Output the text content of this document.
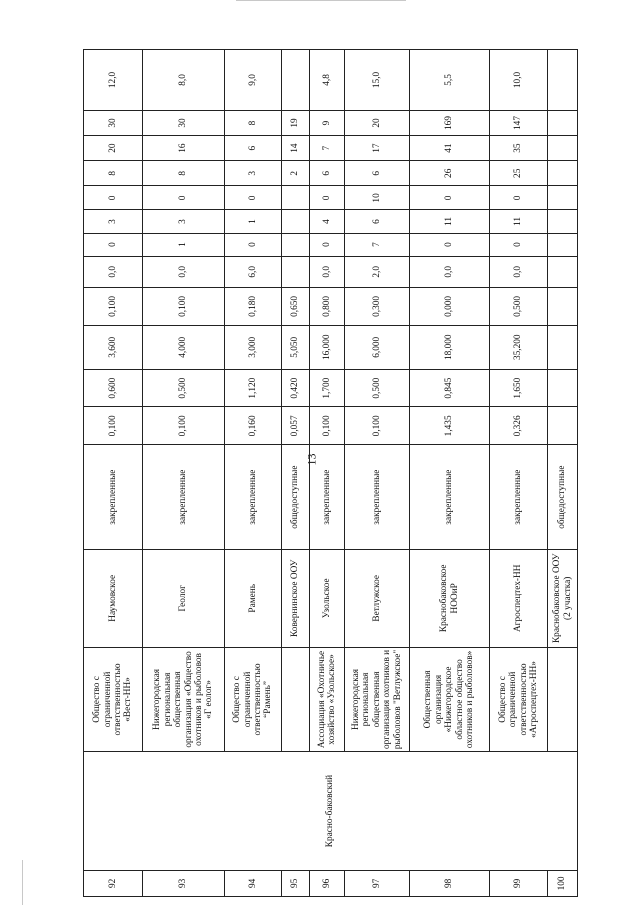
13
92	Красно-баковский	Общество с ограниченной ответственностью «Вест-НН»	Наумовское	закрепленные	0,100	0,600	3,600	0,100	0,0	0	3	0	8	20	30	12,0
93		Нижегородская региональная общественная организация «Общество охотников и рыболовов «Г еолог»	Геолог	закрепленные	0,100	0,500	4,000	0,100	0,0	1	3	0	8	16	30	8,0
94		Общество с ограниченной ответственностью “Рамень”	Рамень	закрепленные	0,160	1,120	3,000	0,180	6,0	0	1	0	3	6	8	9,0
95			Ковернинское ООУ	общедоступные	0,057	0,420	5,050	0,650					2	14	19	
96		Ассоциация «Охотничье хозяйство «Узольское»	Узольское	закрепленные	0,100	1,700	16,000	0,800	0,0	0	4	0	6	7	9	4,8
97		Нижегородская региональная общественная организация охотников и рыболовов "Ветлужское"	Ветлужское	закрепленные	0,100	0,500	6,000	0,300	2,0	7	6	10	6	17	20	15,0
98		Общественная организация «Нижегородское областное общество охотников и рыболовов»	Краснобаковское НООиР	закрепленные	1,435	0,845	18,000	0,000	0,0	0	11	0	26	41	169	5,5
99		Общество с ограниченной ответственностью «Агроспецтех-НН»	Агроспецтех-НН	закрепленные	0,326	1,650	35,200	0,500	0,0	0	11	0	25	35	147	10,0
100			Краснобаковское ООУ (2 участка)	общедоступные												
